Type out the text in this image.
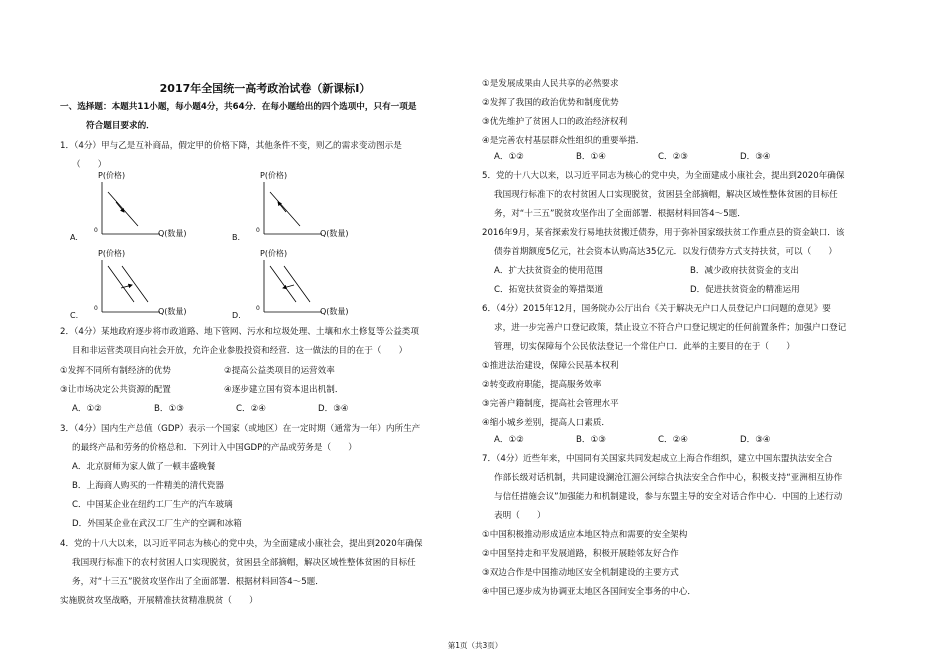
2017年全国统一高考政治试卷（新课标Ⅰ）
一、选择题：本题共11小题，每小题4分，共64分．在每小题给出的四个选项中，只有一项是
符合题目要求的．
1．（4分）甲与乙是互补商品，假定甲的价格下降，其他条件不变，则乙的需求变动图示是
（　　）
P(价格)
0	Q(数量)
A.
P(价格)
0	Q(数量)
B.
P(价格)
0	Q(数量)
C.
P(价格)
0	Q(数量)
D.
2．（4分）某地政府逐步将市政道路、地下管网、污水和垃圾处理、土壤和水土修复等公益类项
目和非运营类项目向社会开放，允许企业参股投资和经营．这一做法的目的在于（　　）
①发挥不同所有制经济的优势	②提高公益类项目的运营效率
③让市场决定公共资源的配置	④逐步建立国有资本退出机制．
A．①②	B．①③	C．②④	D．③④
3．（4分）国内生产总值（GDP）表示一个国家（或地区）在一定时期（通常为一年）内所生产
的最终产品和劳务的价格总和．下列计入中国GDP的产品或劳务是（　　）
A．北京厨师为家人做了一顿丰盛晚餐
B．上海商人购买的一件精美的清代瓷器
C．中国某企业在纽约工厂生产的汽车玻璃
D．外国某企业在武汉工厂生产的空调和冰箱
4．党的十八大以来，以习近平同志为核心的党中央，为全面建成小康社会，提出到2020年确保
我国现行标准下的农村贫困人口实现脱贫，贫困县全部摘帽，解决区域性整体贫困的目标任
务，对“十三五”脱贫攻坚作出了全面部署．根据材料回答4～5题．
实施脱贫攻坚战略，开展精准扶贫精准脱贫（　　）
①是发展成果由人民共享的必然要求
②发挥了我国的政治优势和制度优势
③优先维护了贫困人口的政治经济权利
④是完善农村基层群众性组织的重要举措．
A．①②	B．①④	C．②③	D．③④
5．党的十八大以来，以习近平同志为核心的党中央，为全面建成小康社会，提出到2020年确保
我国现行标准下的农村贫困人口实现脱贫，贫困县全部摘帽，解决区域性整体贫困的目标任
务，对“十三五”脱贫攻坚作出了全面部署．根据材料回答4～5题．
2016年9月，某省探索发行易地扶贫搬迁债券，用于弥补国家级扶贫工作重点县的资金缺口．该
债券首期额度5亿元，社会资本认购高达35亿元．以发行债券方式支持扶贫，可以（　　）
A．扩大扶贫资金的使用范围	B．减少政府扶贫资金的支出
C．拓宽扶贫资金的筹措渠道	D．促进扶贫资金的精准运用
6．（4分）2015年12月，国务院办公厅出台《关于解决无户口人员登记户口问题的意见》要
求，进一步完善户口登记政策，禁止设立不符合户口登记规定的任何前置条件；加强户口登记
管理，切实保障每个公民依法登记一个常住户口．此举的主要目的在于（　　）
①推进法治建设，保障公民基本权利
②转变政府职能，提高服务效率
③完善户籍制度，提高社会管理水平
④缩小城乡差别，提高人口素质．
A．①②	B．①③	C．②④	D．③④
7．（4分）近些年来，中国同有关国家共同发起成立上海合作组织，建立中国东盟执法安全合
作部长级对话机制，共同建设澜沧江湄公河综合执法安全合作中心，积极支持“亚洲相互协作
与信任措施会议”加强能力和机制建设，参与东盟主导的安全对话合作中心．中国的上述行动
表明（　　）
①中国积极推动形成适应本地区特点和需要的安全架构
②中国坚持走和平发展道路，积极开展睦邻友好合作
③双边合作是中国推动地区安全机制建设的主要方式
④中国已逐步成为协调亚太地区各国间安全事务的中心．
第1页（共3页）
